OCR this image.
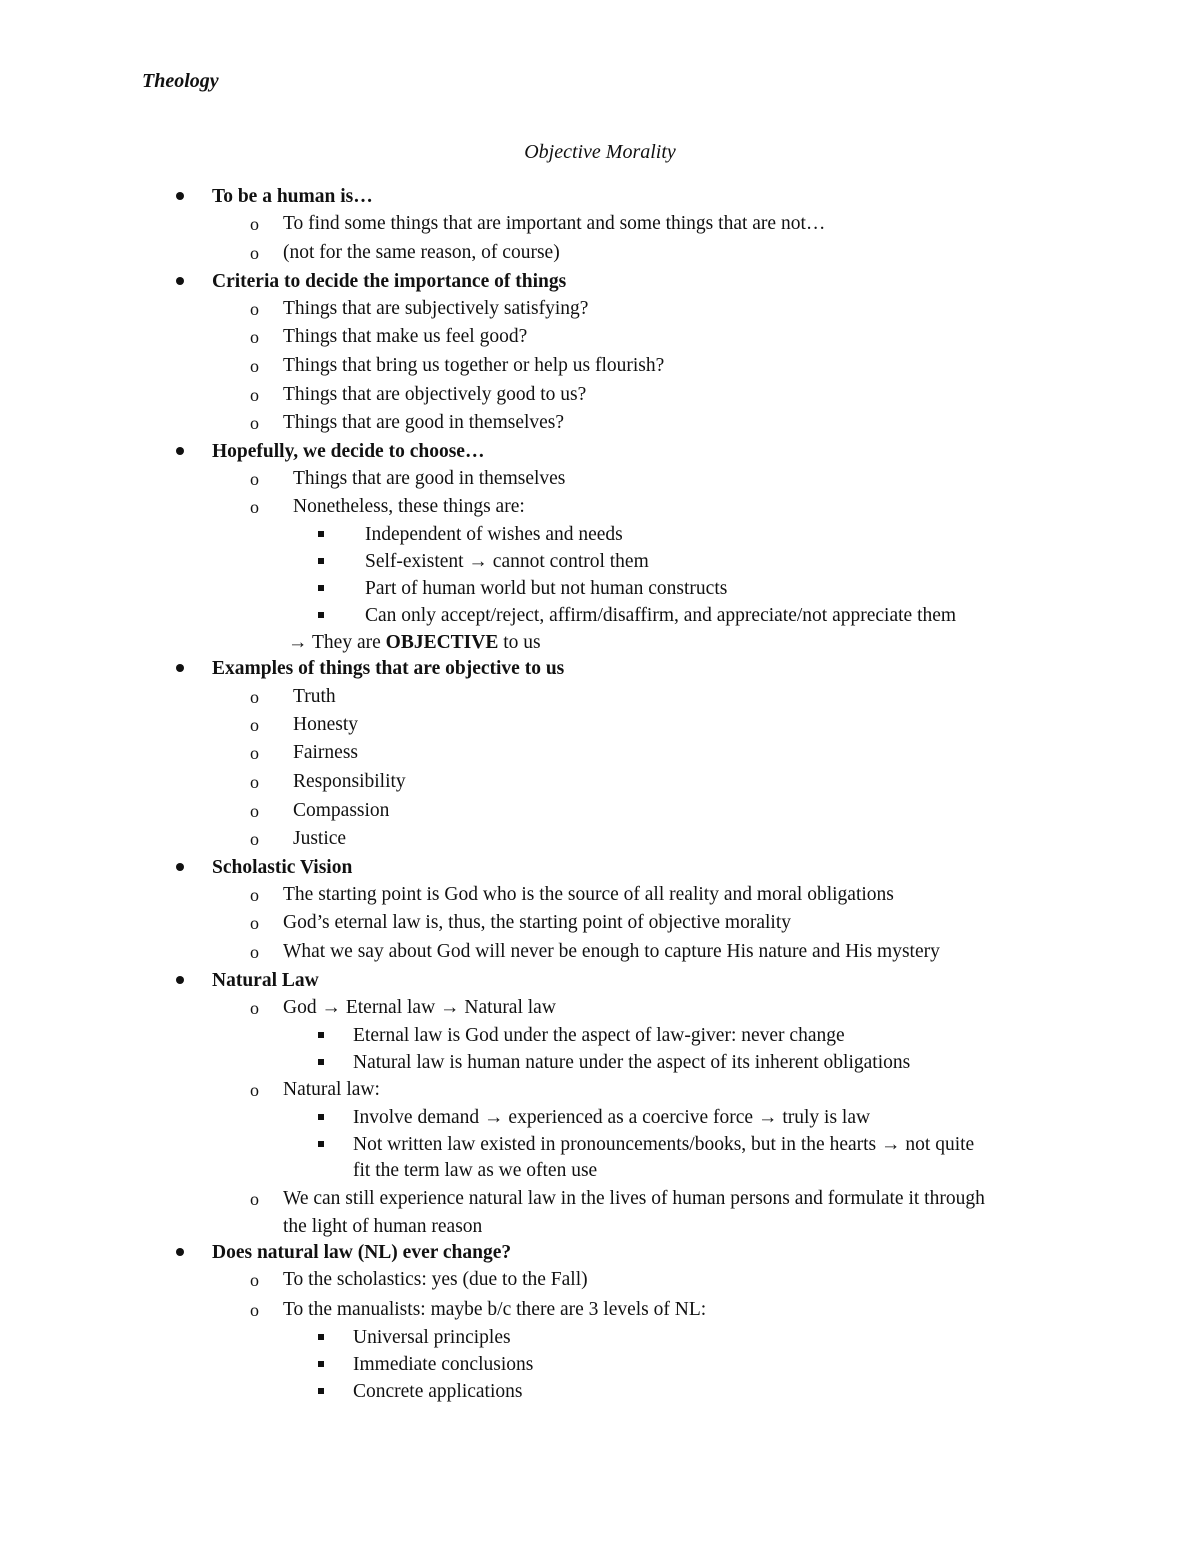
Theology
Objective Morality
To be a human is…
o To find some things that are important and some things that are not…
o (not for the same reason, of course)
Criteria to decide the importance of things
o Things that are subjectively satisfying?
o Things that make us feel good?
o Things that bring us together or help us flourish?
o Things that are objectively good to us?
o Things that are good in themselves?
Hopefully, we decide to choose…
o Things that are good in themselves
o Nonetheless, these things are:
Independent of wishes and needs
Self-existent → cannot control them
Part of human world but not human constructs
Can only accept/reject, affirm/disaffirm, and appreciate/not appreciate them
→ They are OBJECTIVE to us
Examples of things that are objective to us
o Truth
o Honesty
o Fairness
o Responsibility
o Compassion
o Justice
Scholastic Vision
o The starting point is God who is the source of all reality and moral obligations
o God’s eternal law is, thus, the starting point of objective morality
o What we say about God will never be enough to capture His nature and His mystery
Natural Law
o God → Eternal law → Natural law
Eternal law is God under the aspect of law-giver: never change
Natural law is human nature under the aspect of its inherent obligations
o Natural law:
Involve demand → experienced as a coercive force → truly is law
Not written law existed in pronouncements/books, but in the hearts → not quite
fit the term law as we often use
o We can still experience natural law in the lives of human persons and formulate it through
the light of human reason
Does natural law (NL) ever change?
o To the scholastics: yes (due to the Fall)
o To the manualists: maybe b/c there are 3 levels of NL:
Universal principles
Immediate conclusions
Concrete applications
